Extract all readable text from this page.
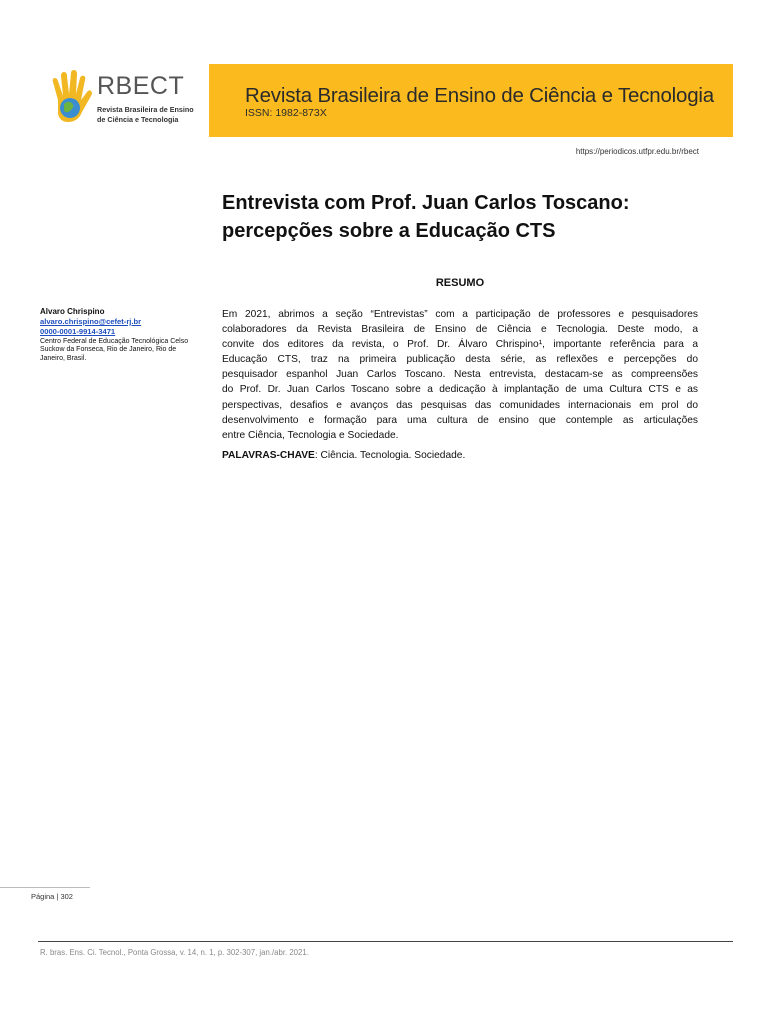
RBECT
Revista Brasileira de Ensino
de Ciência e Tecnologia
Revista Brasileira de Ensino de Ciência e Tecnologia
ISSN: 1982-873X
https://periodicos.utfpr.edu.br/rbect
Entrevista com Prof. Juan Carlos Toscano:
percepções sobre a Educação CTS
RESUMO
Alvaro Chrispino
alvaro.chrispino@cefet-rj.br
0000-0001-9914-3471
Centro Federal de Educação Tecnológica Celso Suckow da Fonseca, Rio de Janeiro, Rio de Janeiro, Brasil.
Em 2021, abrimos a seção “Entrevistas” com a participação de professores e pesquisadores
colaboradores da Revista Brasileira de Ensino de Ciência e Tecnologia. Deste modo, a
convite dos editores da revista, o Prof. Dr. Álvaro Chrispino¹, importante referência para a
Educação CTS, traz na primeira publicação desta série, as reflexões e percepções do
pesquisador espanhol Juan Carlos Toscano. Nesta entrevista, destacam-se as compreensões
do Prof. Dr. Juan Carlos Toscano sobre a dedicação à implantação de uma Cultura CTS e as
perspectivas, desafios e avanços das pesquisas das comunidades internacionais em prol do
desenvolvimento e formação para uma cultura de ensino que contemple as articulações
entre Ciência, Tecnologia e Sociedade.
PALAVRAS-CHAVE: Ciência. Tecnologia. Sociedade.
Página | 302
R. bras. Ens. Ci. Tecnol., Ponta Grossa, v. 14, n. 1, p. 302-307, jan./abr. 2021.
